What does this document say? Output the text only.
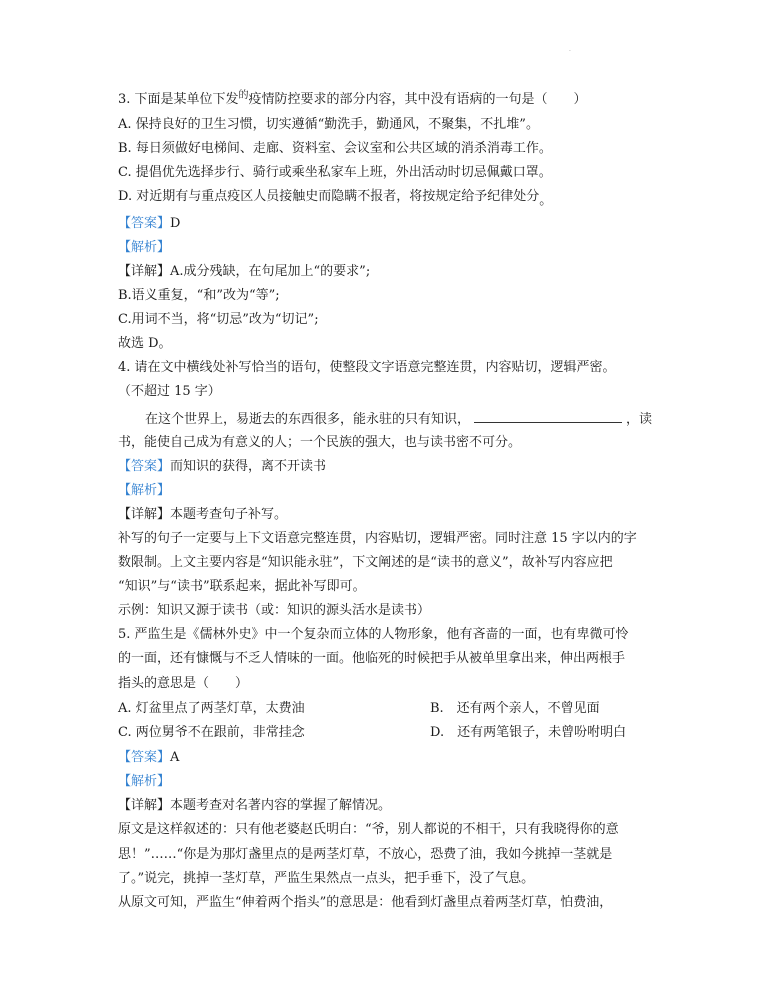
·
3. 下面是某单位下发$^的$疫情防控要求的部分内容，其中没有语病的一句是（　　）
A. 保持良好的卫生习惯，切实遵循“勤洗手，勤通风，不聚集，不扎堆”。
B. 每日须做好电梯间、走廊、资料室、会议室和公共区域的消杀消毒工作。
C. 提倡优先选择步行、骑行或乘坐私家车上班，外出活动时切忌佩戴口罩。
D. 对近期有与重点疫区人员接触史而隐瞒不报者，将按规定给予纪律处分。
【答案】D
【解析】
【详解】A.成分残缺，在句尾加上“的要求”;
B.语义重复，“和”改为“等”;
C.用词不当，将“切忌”改为“切记”;
故选 D。
4. 请在文中横线处补写恰当的语句，使整段文字语意完整连贯，内容贴切，逻辑严密。
（不超过 15 字）
在这个世界上，易逝去的东西很多，能永驻的只有知识，	，读
书，能使自己成为有意义的人；一个民族的强大，也与读书密不可分。
【答案】而知识的获得，离不开读书
【解析】
【详解】本题考查句子补写。
补写的句子一定要与上下文语意完整连贯，内容贴切，逻辑严密。同时注意 15 字以内的字
数限制。上文主要内容是“知识能永驻”，下文阐述的是“读书的意义”，故补写内容应把
“知识”与“读书”联系起来，据此补写即可。
示例：知识又源于读书（或：知识的源头活水是读书）
5. 严监生是《儒林外史》中一个复杂而立体的人物形象，他有吝啬的一面，也有卑微可怜
的一面，还有慷慨与不乏人情味的一面。他临死的时候把手从被单里拿出来，伸出两根手
指头的意思是（　　）
A. 灯盆里点了两茎灯草，太费油	B.　还有两个亲人，不曾见面
C. 两位舅爷不在跟前，非常挂念	D.　还有两笔银子，未曾吩咐明白
【答案】A
【解析】
【详解】本题考查对名著内容的掌握了解情况。
原文是这样叙述的：只有他老婆赵氏明白：“爷，别人都说的不相干，只有我晓得你的意
思！”……“你是为那灯盏里点的是两茎灯草，不放心，恐费了油，我如今挑掉一茎就是
了。”说完，挑掉一茎灯草，严监生果然点一点头，把手垂下，没了气息。
从原文可知，严监生“伸着两个指头”的意思是：他看到灯盏里点着两茎灯草，怕费油，
